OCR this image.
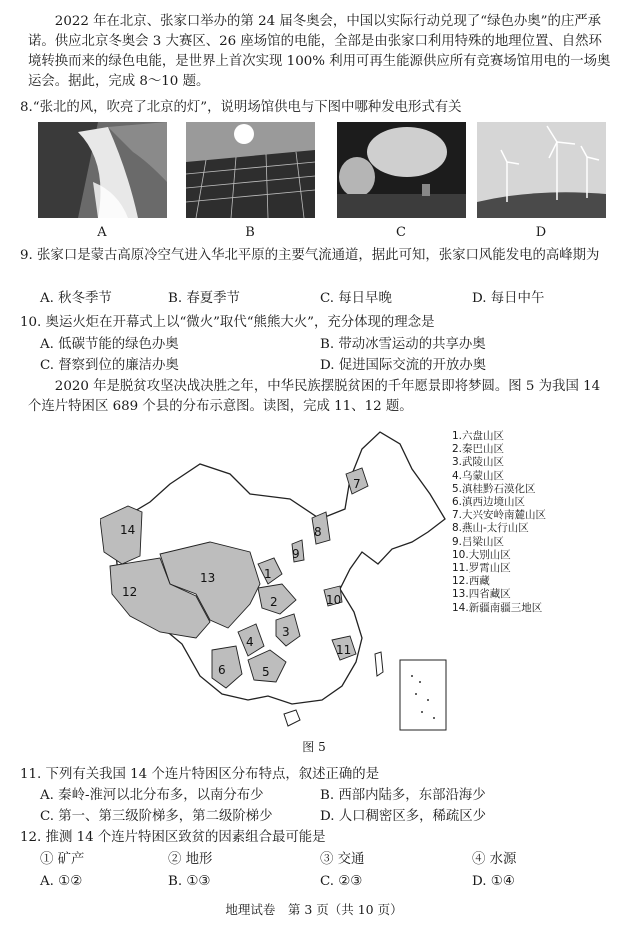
2022 年在北京、张家口举办的第 24 届冬奥会，中国以实际行动兑现了“绿色办奥”的庄严承诺。供应北京冬奥会 3 大赛区、26 座场馆的电能，全部是由张家口利用特殊的地理位置、自然环境转换而来的绿色电能，是世界上首次实现 100% 利用可再生能源供应所有竞赛场馆用电的一场奥运会。据此，完成 8～10 题。
8.“张北的风，吹亮了北京的灯”，说明场馆供电与下图中哪种发电形式有关
A	B	C	D
9. 张家口是蒙古高原冷空气进入华北平原的主要气流通道，据此可知，张家口风能发电的高峰期为
A. 秋冬季节	B. 春夏季节	C. 每日早晚	D. 每日中午
10. 奥运火炬在开幕式上以“微火”取代“熊熊大火”，充分体现的理念是
A. 低碳节能的绿色办奥	B. 带动冰雪运动的共享办奥
C. 督察到位的廉洁办奥	D. 促进国际交流的开放办奥
2020 年是脱贫攻坚决战决胜之年，中华民族摆脱贫困的千年愿景即将梦圆。图 5 为我国 14 个连片特困区 689 个县的分布示意图。读图，完成 11、12 题。
14
13
12
1
2
3
4
5
6
7
8
9
10
11
1.六盘山区
2.秦巴山区
3.武陵山区
4.乌蒙山区
5.滇桂黔石漠化区
6.滇西边境山区
7.大兴安岭南麓山区
8.燕山-太行山区
9.吕梁山区
10.大别山区
11.罗霄山区
12.西藏
13.四省藏区
14.新疆南疆三地区
图 5
11. 下列有关我国 14 个连片特困区分布特点，叙述正确的是
A. 秦岭-淮河以北分布多，以南分布少	B. 西部内陆多，东部沿海少
C. 第一、第三级阶梯多，第二级阶梯少	D. 人口稠密区多，稀疏区少
12. 推测 14 个连片特困区致贫的因素组合最可能是
① 矿产	② 地形	③ 交通	④ 水源
A. ①②	B. ①③	C. ②③	D. ①④
地理试卷　第 3 页（共 10 页）
